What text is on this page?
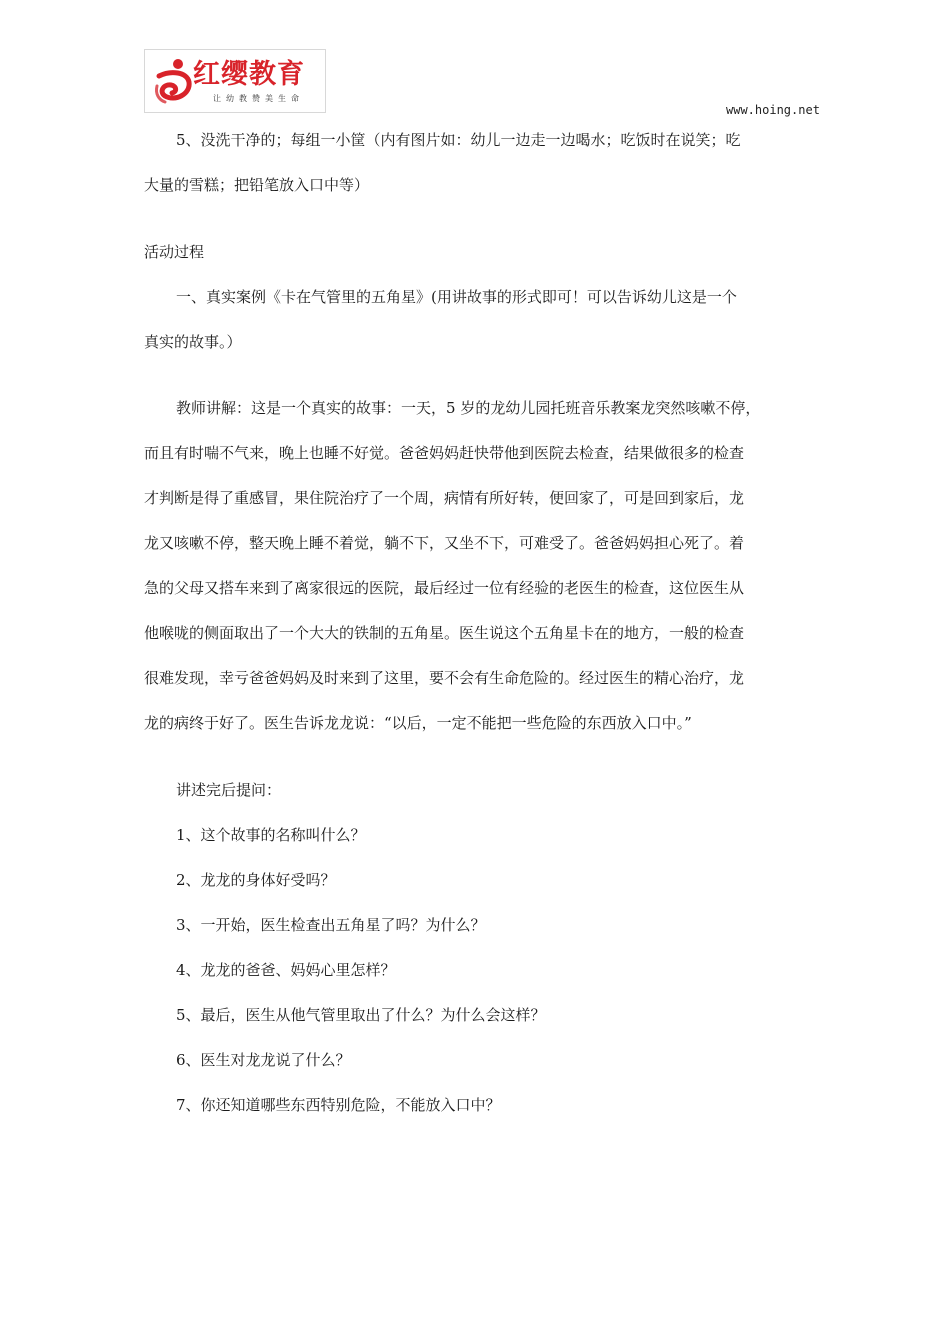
红缨教育
让幼教赞美生命
www.hoing.net

5、没洗干净的；每组一小筐（内有图片如：幼儿一边走一边喝水；吃饭时在说笑；吃

大量的雪糕；把铅笔放入口中等）

活动过程

一、真实案例《卡在气管里的五角星》(用讲故事的形式即可！可以告诉幼儿这是一个

真实的故事。）

教师讲解：这是一个真实的故事：一天，5 岁的龙幼儿园托班音乐教案龙突然咳嗽不停，

而且有时喘不气来，晚上也睡不好觉。爸爸妈妈赶快带他到医院去检查，结果做很多的检查

才判断是得了重感冒，果住院治疗了一个周，病情有所好转，便回家了，可是回到家后，龙

龙又咳嗽不停，整天晚上睡不着觉，躺不下，又坐不下，可难受了。爸爸妈妈担心死了。着

急的父母又搭车来到了离家很远的医院，最后经过一位有经验的老医生的检查，这位医生从

他喉咙的侧面取出了一个大大的铁制的五角星。医生说这个五角星卡在的地方，一般的检查

很难发现，幸亏爸爸妈妈及时来到了这里，要不会有生命危险的。经过医生的精心治疗，龙

龙的病终于好了。医生告诉龙龙说：“以后，一定不能把一些危险的东西放入口中。”

讲述完后提问：

1、这个故事的名称叫什么？

2、龙龙的身体好受吗？

3、一开始，医生检查出五角星了吗？为什么？

4、龙龙的爸爸、妈妈心里怎样？

5、最后，医生从他气管里取出了什么？为什么会这样？

6、医生对龙龙说了什么？

7、你还知道哪些东西特别危险，不能放入口中？
